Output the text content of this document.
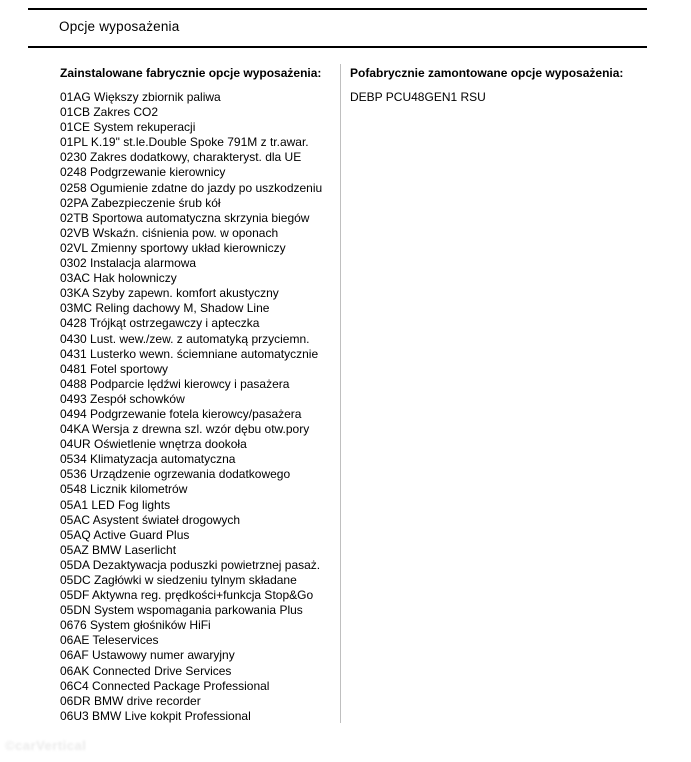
Opcje wyposażenia
Zainstalowane fabrycznie opcje wyposażenia:
01AG Większy zbiornik paliwa
01CB Zakres CO2
01CE System rekuperacji
01PL K.19" st.le.Double Spoke 791M z tr.awar.
0230 Zakres dodatkowy, charakteryst. dla UE
0248 Podgrzewanie kierownicy
0258 Ogumienie zdatne do jazdy po uszkodzeniu
02PA Zabezpieczenie śrub kół
02TB Sportowa automatyczna skrzynia biegów
02VB Wskaźn. ciśnienia pow. w oponach
02VL Zmienny sportowy układ kierowniczy
0302 Instalacja alarmowa
03AC Hak holowniczy
03KA Szyby zapewn. komfort akustyczny
03MC Reling dachowy M, Shadow Line
0428 Trójkąt ostrzegawczy i apteczka
0430 Lust. wew./zew. z automatyką przyciemn.
0431 Lusterko wewn. ściemniane automatycznie
0481 Fotel sportowy
0488 Podparcie lędźwi kierowcy i pasażera
0493 Zespół schowków
0494 Podgrzewanie fotela kierowcy/pasażera
04KA Wersja z drewna szl. wzór dębu otw.pory
04UR Oświetlenie wnętrza dookoła
0534 Klimatyzacja automatyczna
0536 Urządzenie ogrzewania dodatkowego
0548 Licznik kilometrów
05A1 LED Fog lights
05AC Asystent świateł drogowych
05AQ Active Guard Plus
05AZ BMW Laserlicht
05DA Dezaktywacja poduszki powietrznej pasaż.
05DC Zagłówki w siedzeniu tylnym składane
05DF Aktywna reg. prędkości+funkcja Stop&Go
05DN System wspomagania parkowania Plus
0676 System głośników HiFi
06AE Teleservices
06AF Ustawowy numer awaryjny
06AK Connected Drive Services
06C4 Connected Package Professional
06DR BMW drive recorder
06U3 BMW Live kokpit Professional
Pofabrycznie zamontowane opcje wyposażenia:
DEBP PCU48GEN1 RSU
©carVertical
